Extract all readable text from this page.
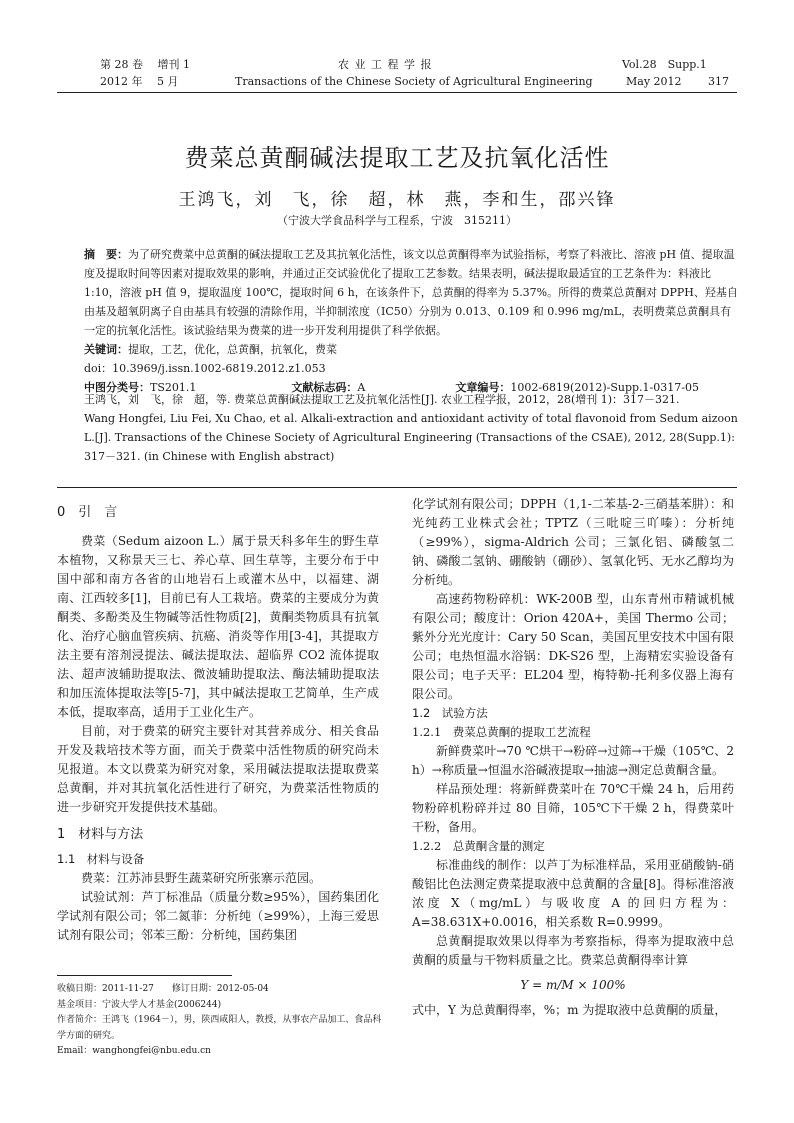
第 28 卷　 增刊 1
2012 年　 5 月
农 业 工 程 学 报
Transactions of the Chinese Society of Agricultural Engineering
Vol.28　Supp.1
May 2012 317
费菜总黄酮碱法提取工艺及抗氧化活性
王鸿飞，刘　飞，徐　超，林　燕，李和生，邵兴锋
（宁波大学食品科学与工程系，宁波　315211）

摘　要：为了研究费菜中总黄酮的碱法提取工艺及其抗氧化活性，该文以总黄酮得率为试验指标，考察了料液比、溶液 pH 值、提取温度及提取时间等因素对提取效果的影响，并通过正交试验优化了提取工艺参数。结果表明，碱法提取最适宜的工艺条件为：料液比 1:10，溶液 pH 值 9，提取温度 100℃，提取时间 6 h，在该条件下，总黄酮的得率为 5.37%。所得的费菜总黄酮对 DPPH、羟基自由基及超氧阴离子自由基具有较强的清除作用，半抑制浓度（IC50）分别为 0.013、0.109 和 0.996 mg/mL，表明费菜总黄酮具有一定的抗氧化活性。该试验结果为费菜的进一步开发利用提供了科学依据。

关键词：提取，工艺，优化，总黄酮，抗氧化，费菜

doi：10.3969/j.issn.1002-6819.2012.z1.053

中图分类号：TS201.1	文献标志码：A	文章编号：1002-6819(2012)-Supp.1-0317-05

王鸿飞，刘　飞，徐　超，等. 费菜总黄酮碱法提取工艺及抗氧化活性[J]. 农业工程学报，2012，28(增刊 1)：317－321.

Wang Hongfei, Liu Fei, Xu Chao, et al. Alkali-extraction and antioxidant activity of total flavonoid from Sedum aizoon L.[J]. Transactions of the Chinese Society of Agricultural Engineering (Transactions of the CSAE), 2012, 28(Supp.1): 317－321. (in Chinese with English abstract)

0　引　言

费菜（Sedum aizoon L.）属于景天科多年生的野生草本植物，又称景天三七、养心草、回生草等，主要分布于中国中部和南方各省的山地岩石上或灌木丛中，以福建、湖南、江西较多[1]，目前已有人工栽培。费菜的主要成分为黄酮类、多酚类及生物碱等活性物质[2]，黄酮类物质具有抗氧化、治疗心脑血管疾病、抗癌、消炎等作用[3-4]，其提取方法主要有溶剂浸提法、碱法提取法、超临界 CO2 流体提取法、超声波辅助提取法、微波辅助提取法、酶法辅助提取法和加压流体提取法等[5-7]，其中碱法提取工艺简单，生产成本低，提取率高，适用于工业化生产。

目前，对于费菜的研究主要针对其营养成分、相关食品开发及栽培技术等方面，而关于费菜中活性物质的研究尚未见报道。本文以费菜为研究对象，采用碱法提取法提取费菜总黄酮，并对其抗氧化活性进行了研究，为费菜活性物质的进一步研究开发提供技术基础。

1　材料与方法

1.1　材料与设备

费菜：江苏沛县野生蔬菜研究所张寨示范园。

试验试剂：芦丁标准品（质量分数≥95%），国药集团化学试剂有限公司；邻二氮菲：分析纯（≥99%），上海三爱思试剂有限公司；邻苯三酚：分析纯，国药集团

收稿日期：2011-11-27　　修订日期：2012-05-04

基金项目：宁波大学人才基金(2006244)

作者简介：王鸿飞（1964－），男，陕西咸阳人，教授，从事农产品加工、食品科学方面的研究。

Email：wanghongfei@nbu.edu.cn

化学试剂有限公司；DPPH（1,1-二苯基-2-三硝基苯肼）：和光纯药工业株式会社；TPTZ（三吡啶三吖嗪）：分析纯（≥99%），sigma-Aldrich 公司；三氯化铝、磷酸氢二钠、磷酸二氢钠、硼酸钠（硼砂）、氢氧化钙、无水乙醇均为分析纯。

高速药物粉碎机：WK-200B 型，山东青州市精诚机械有限公司；酸度计：Orion 420A+，美国 Thermo 公司；紫外分光光度计：Cary 50 Scan，美国瓦里安技术中国有限公司；电热恒温水浴锅：DK-S26 型，上海精宏实验设备有限公司；电子天平：EL204 型，梅特勒-托利多仪器上海有限公司。

1.2　试验方法

1.2.1　费菜总黄酮的提取工艺流程

新鲜费菜叶→70 ℃烘干→粉碎→过筛→干燥（105℃、2 h）→称质量→恒温水浴碱液提取→抽滤→测定总黄酮含量。

样品预处理：将新鲜费菜叶在 70℃干燥 24 h，后用药物粉碎机粉碎并过 80 目筛，105℃下干燥 2 h，得费菜叶干粉，备用。

1.2.2　总黄酮含量的测定

标准曲线的制作：以芦丁为标准样品，采用亚硝酸钠-硝酸铝比色法测定费菜提取液中总黄酮的含量[8]。得标准溶液浓度 X（mg/mL）与吸收度 A 的回归方程为：A=38.631X+0.0016，相关系数 R=0.9999。

总黄酮提取效果以得率为考察指标，得率为提取液中总黄酮的质量与干物料质量之比。费菜总黄酮得率计算

Y = m/M × 100%

式中，Y 为总黄酮得率，%；m 为提取液中总黄酮的质量，
